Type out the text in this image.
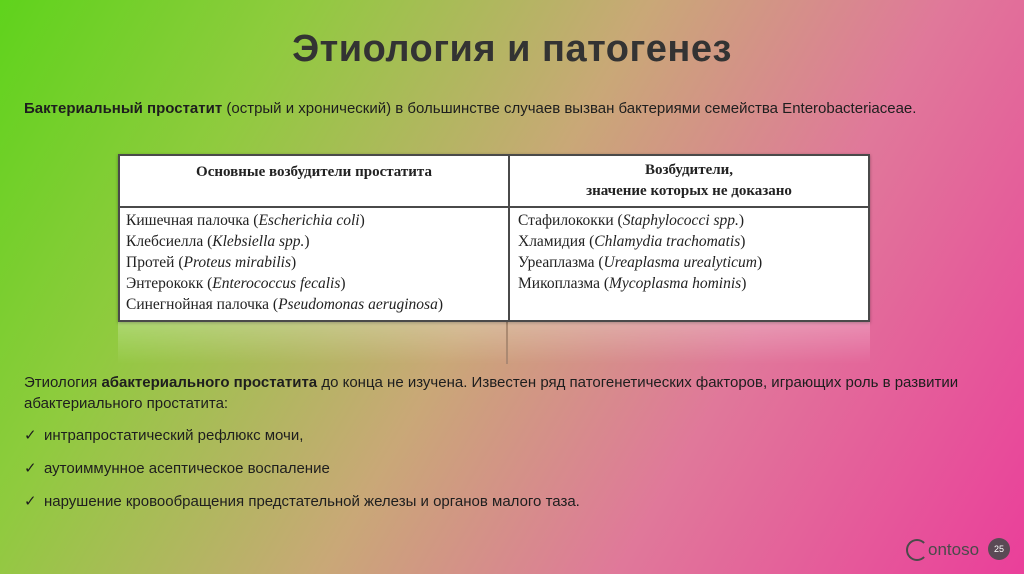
Этиология и патогенез
Бактериальный простатит (острый и хронический) в большинстве случаев вызван бактериями семейства Enterobacteriaceae.
Основные возбудители простатита	Возбудители,
значение которых не доказано
Кишечная палочка (Escherichia coli)
Клебсиелла (Klebsiella spp.)
Протей (Proteus mirabilis)
Энтерококк (Enterococcus fecalis)
Синегнойная палочка (Pseudomonas aeruginosa)
Стафилококки (Staphylococci spp.)
Хламидия (Chlamydia trachomatis)
Уреаплазма (Ureaplasma urealyticum)
Микоплазма (Mycoplasma hominis)
Этиология абактериального простатита до конца не изучена. Известен ряд патогенетических факторов, играющих роль в развитии абактериального простатита:
✓ интрапростатический рефлюкс мочи,
✓ аутоиммунное асептическое воспаление
✓ нарушение кровообращения предстательной железы и органов малого таза.
ontoso	25
